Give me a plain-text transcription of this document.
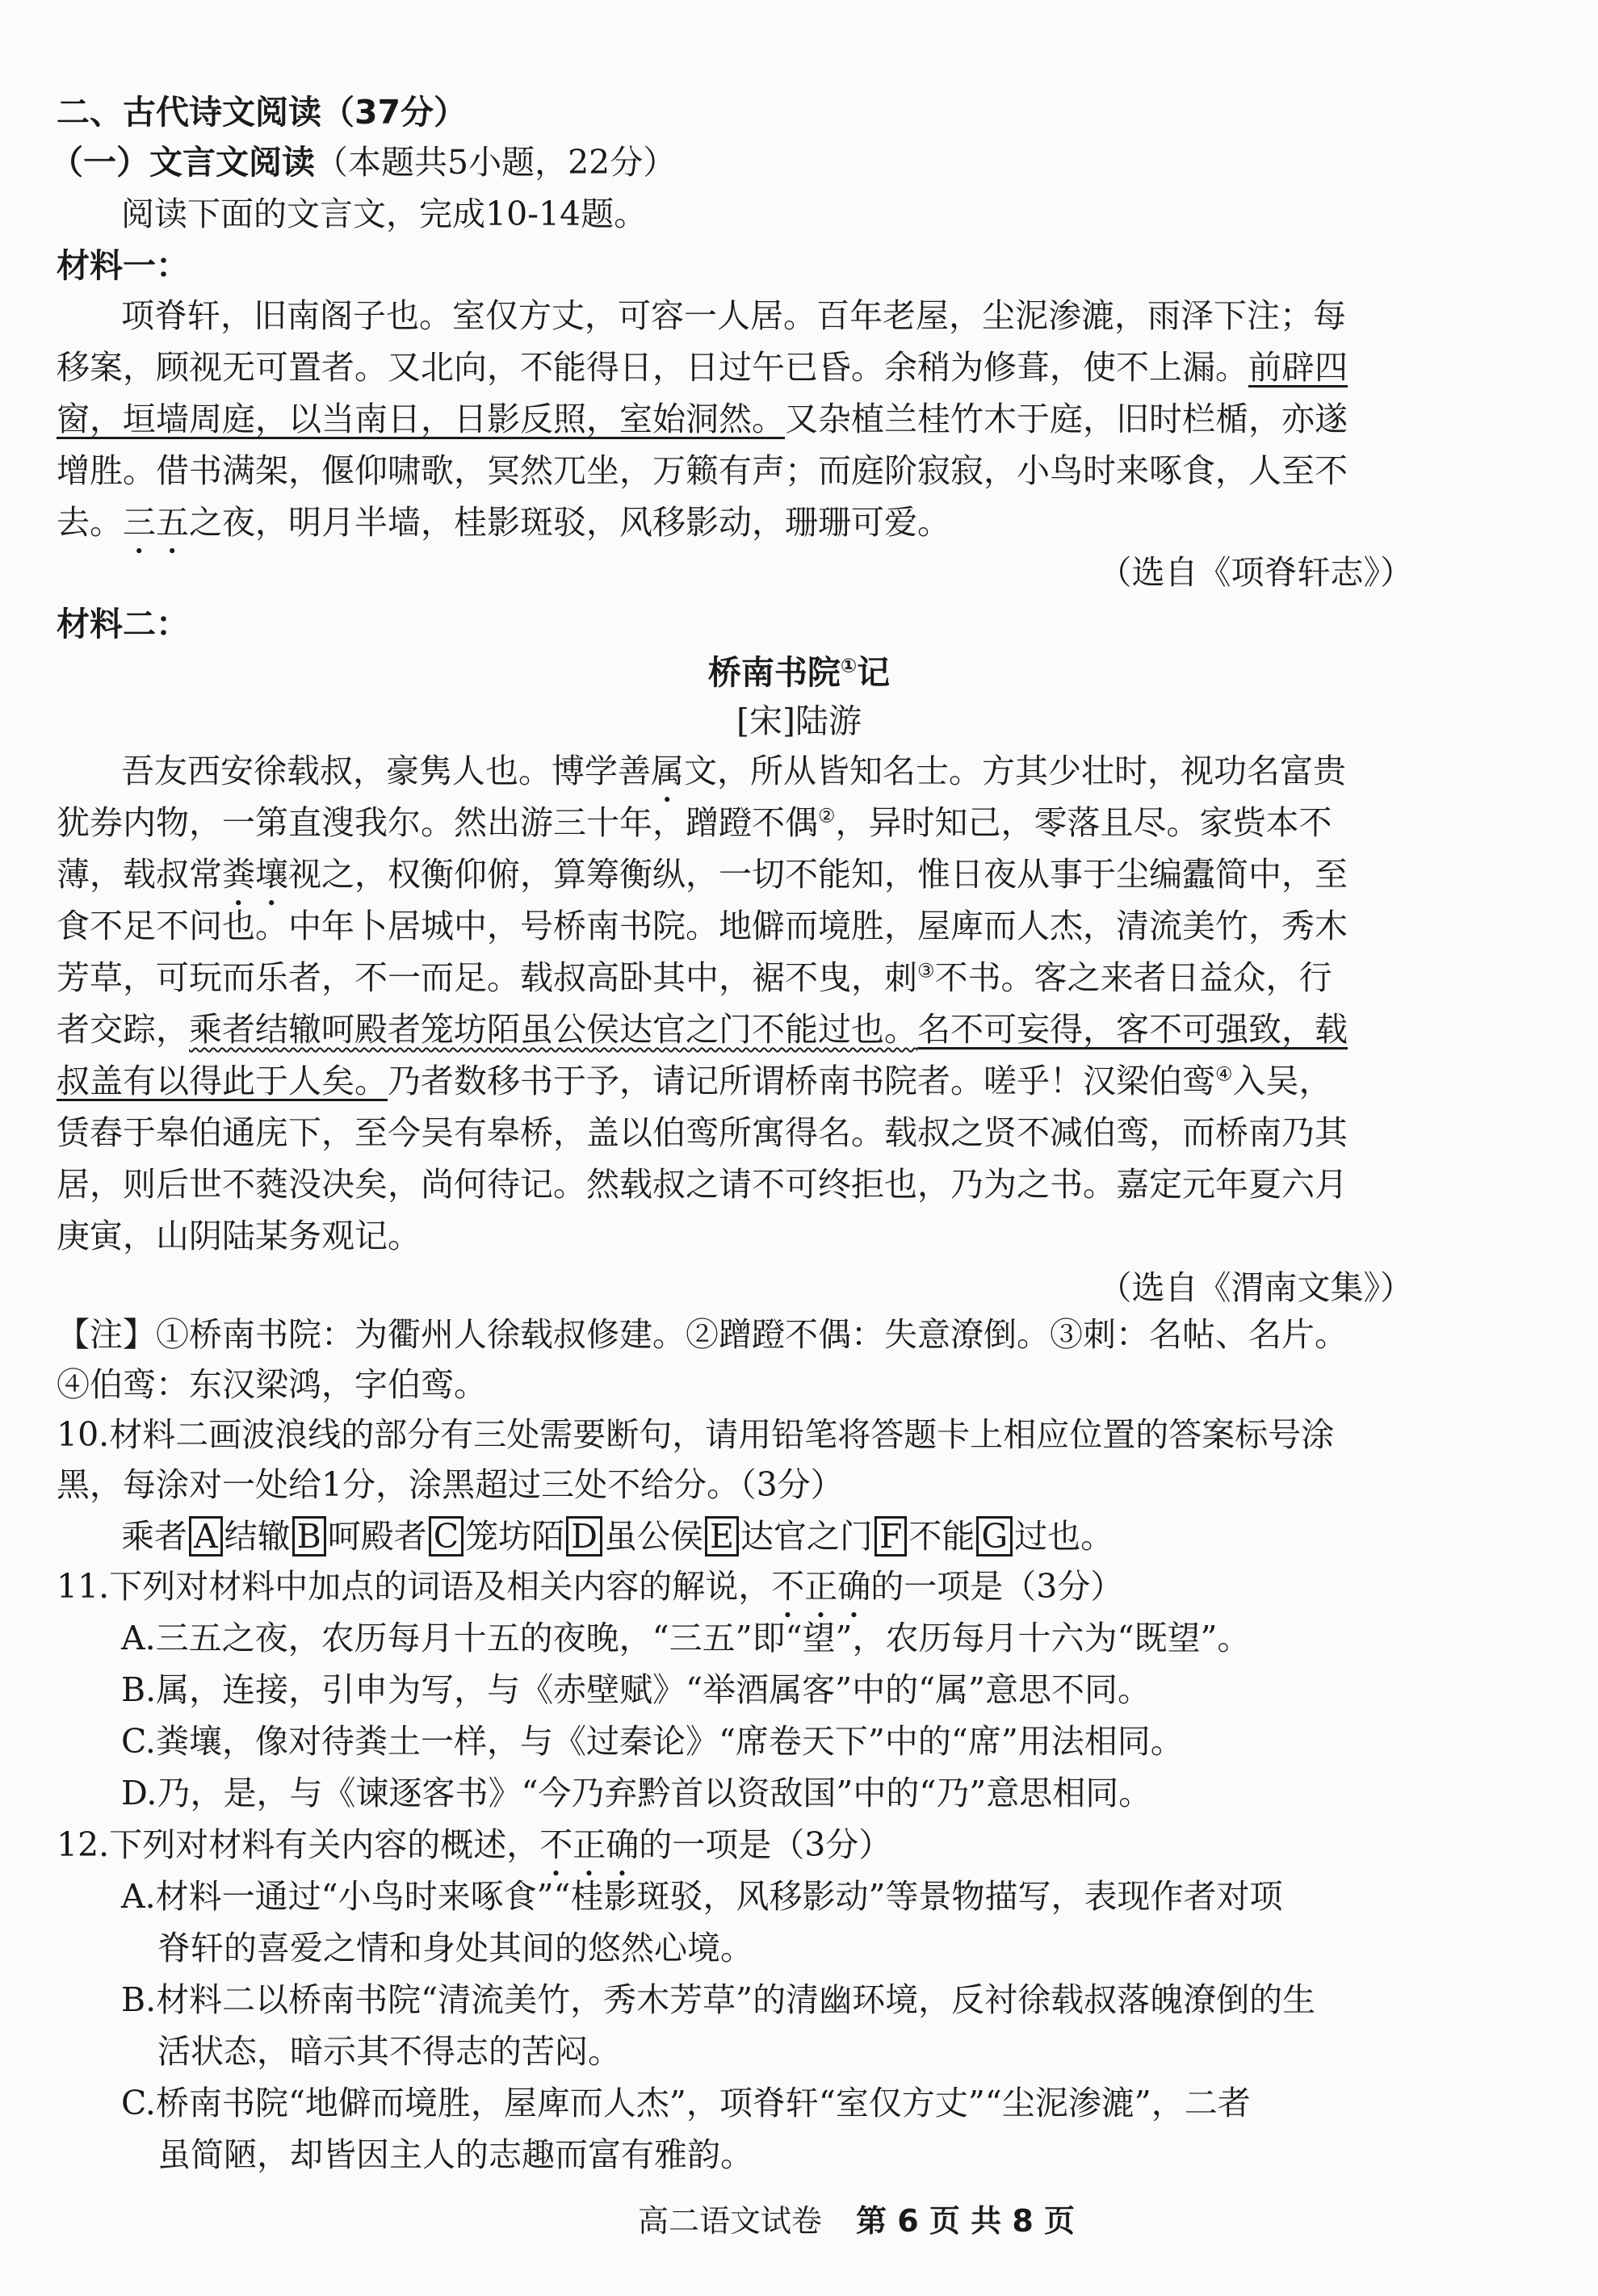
二、古代诗文阅读（37分）
（一）文言文阅读（本题共5小题，22分）
阅读下面的文言文，完成10-14题。
材料一：
项脊轩，旧南阁子也。室仅方丈，可容一人居。百年老屋，尘泥渗漉，雨泽下注；每
移案，顾视无可置者。又北向，不能得日，日过午已昏。余稍为修葺，使不上漏。前辟四
窗，垣墙周庭，以当南日，日影反照，室始洞然。又杂植兰桂竹木于庭，旧时栏楯，亦遂
增胜。借书满架，偃仰啸歌，冥然兀坐，万籁有声；而庭阶寂寂，小鸟时来啄食，人至不
去。三五之夜，明月半墙，桂影斑驳，风移影动，珊珊可爱。
（选自《项脊轩志》）
材料二：
桥南书院①记
[宋]陆游
吾友西安徐载叔，豪隽人也。博学善属文，所从皆知名士。方其少壮时，视功名富贵
犹券内物，一第直溲我尔。然出游三十年，蹭蹬不偶②，异时知己，零落且尽。家赀本不
薄，载叔常粪壤视之，权衡仰俯，算筹衡纵，一切不能知，惟日夜从事于尘编蠹简中，至
食不足不问也。中年卜居城中，号桥南书院。地僻而境胜，屋庳而人杰，清流美竹，秀木
芳草，可玩而乐者，不一而足。载叔高卧其中，裾不曳，刺③不书。客之来者日益众，行
者交踪，乘者结辙呵殿者笼坊陌虽公侯达官之门不能过也。名不可妄得，客不可强致，载
叔盖有以得此于人矣。乃者数移书于予，请记所谓桥南书院者。嗟乎！汉梁伯鸾④入吴，
赁舂于皋伯通庑下，至今吴有皋桥，盖以伯鸾所寓得名。载叔之贤不减伯鸾，而桥南乃其
居，则后世不蕤没决矣，尚何待记。然载叔之请不可终拒也，乃为之书。嘉定元年夏六月
庚寅，山阴陆某务观记。
（选自《渭南文集》）
【注】①桥南书院：为衢州人徐载叔修建。②蹭蹬不偶：失意潦倒。③刺：名帖、名片。
④伯鸾：东汉梁鸿，字伯鸾。
10.材料二画波浪线的部分有三处需要断句，请用铅笔将答题卡上相应位置的答案标号涂
黑，每涂对一处给1分，涂黑超过三处不给分。（3分）
乘者 A 结辙 B 呵殿者 C 笼坊陌 D 虽公侯 E 达官之门 F 不能 G 过也。
11.下列对材料中加点的词语及相关内容的解说，不正确的一项是（3分）
A.三五之夜，农历每月十五的夜晚，“三五”即“望”，农历每月十六为“既望”。
B.属，连接，引申为写，与《赤壁赋》“举酒属客”中的“属”意思不同。
C.粪壤，像对待粪土一样，与《过秦论》“席卷天下”中的“席”用法相同。
D.乃，是，与《谏逐客书》“今乃弃黔首以资敌国”中的“乃”意思相同。
12.下列对材料有关内容的概述，不正确的一项是（3分）
A.材料一通过“小鸟时来啄食”“桂影斑驳，风移影动”等景物描写，表现作者对项
脊轩的喜爱之情和身处其间的悠然心境。
B.材料二以桥南书院“清流美竹，秀木芳草”的清幽环境，反衬徐载叔落魄潦倒的生
活状态，暗示其不得志的苦闷。
C.桥南书院“地僻而境胜，屋庳而人杰”，项脊轩“室仅方丈”“尘泥渗漉”，二者
虽简陋，却皆因主人的志趣而富有雅韵。
高二语文试卷 第 6 页 共 8 页
